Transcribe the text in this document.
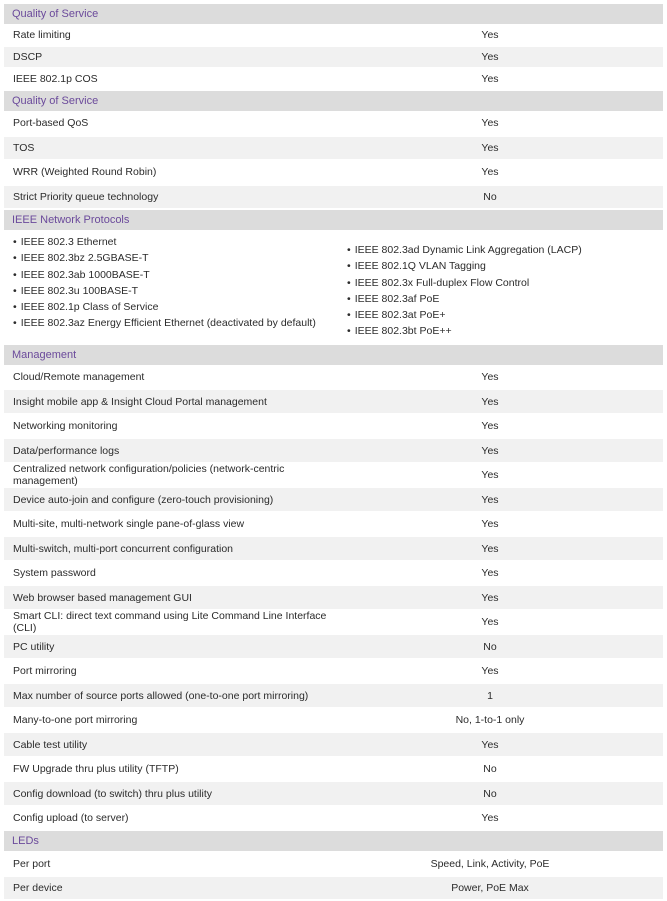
Quality of Service
Rate limiting	Yes
DSCP	Yes
IEEE 802.1p COS	Yes
Quality of Service
Port-based QoS	Yes
TOS	Yes
WRR (Weighted Round Robin)	Yes
Strict Priority queue technology	No
IEEE Network Protocols
• IEEE 802.3 Ethernet
• IEEE 802.3bz 2.5GBASE-T
• IEEE 802.3ab 1000BASE-T
• IEEE 802.3u 100BASE-T
• IEEE 802.1p Class of Service
• IEEE 802.3az Energy Efficient Ethernet (deactivated by default)
• IEEE 802.3ad Dynamic Link Aggregation (LACP)
• IEEE 802.1Q VLAN Tagging
• IEEE 802.3x Full-duplex Flow Control
• IEEE 802.3af PoE
• IEEE 802.3at PoE+
• IEEE 802.3bt PoE++
Management
Cloud/Remote management	Yes
Insight mobile app & Insight Cloud Portal management	Yes
Networking monitoring	Yes
Data/performance logs	Yes
Centralized network configuration/policies (network-centric management)	Yes
Device auto-join and configure (zero-touch provisioning)	Yes
Multi-site, multi-network single pane-of-glass view	Yes
Multi-switch, multi-port concurrent configuration	Yes
System password	Yes
Web browser based management GUI	Yes
Smart CLI: direct text command using Lite Command Line Interface (CLI)	Yes
PC utility	No
Port mirroring	Yes
Max number of source ports allowed (one-to-one port mirroring)	1
Many-to-one port mirroring	No, 1-to-1 only
Cable test utility	Yes
FW Upgrade thru plus utility (TFTP)	No
Config download (to switch) thru plus utility	No
Config upload (to server)	Yes
LEDs
Per port	Speed, Link, Activity, PoE
Per device	Power, PoE Max
